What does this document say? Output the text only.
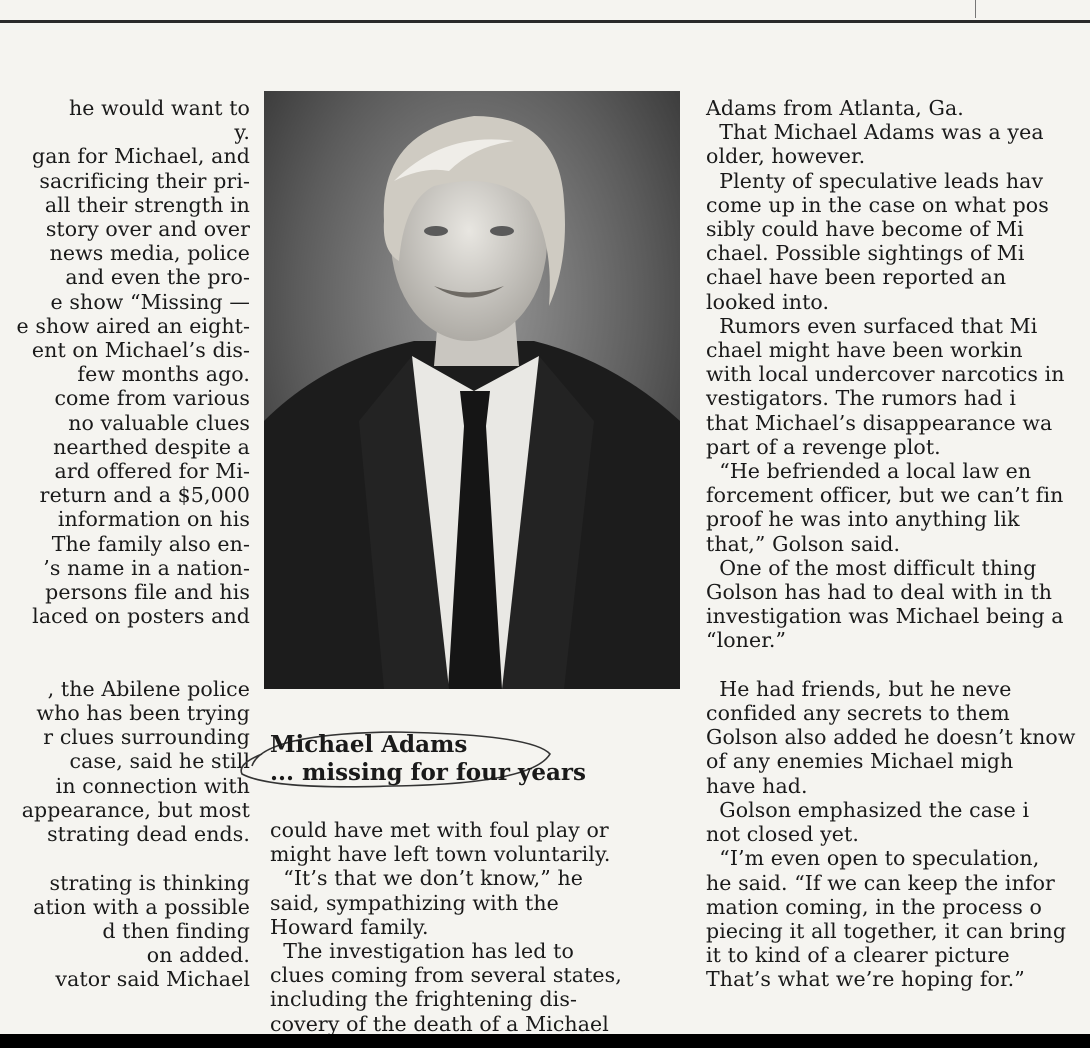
he would want to

y.

gan for Michael, and

sacrificing their pri-

all their strength in

story over and over

news media, police

and even the pro-

e show “Missing —

e show aired an eight-

ent on Michael’s dis-

few months ago.

come from various

no valuable clues

nearthed despite a

ard offered for Mi-

return and a $5,000

information on his

The family also en-

’s name in a nation-

persons file and his

laced on posters and

, the Abilene police

who has been trying

r clues surrounding

case, said he still

in connection with

appearance, but most

strating dead ends.

strating is thinking

ation with a possible

d then finding

on added.

vator said Michael

Michael Adams
... missing for four years

could have met with foul play or

might have left town voluntarily.

“It’s that we don’t know,” he

said, sympathizing with the

Howard family.

The investigation has led to

clues coming from several states,

including the frightening dis-

covery of the death of a Michael

Adams from Atlanta, Ga.

That Michael Adams was a yea

older, however.

Plenty of speculative leads hav

come up in the case on what pos

sibly could have become of Mi

chael. Possible sightings of Mi

chael have been reported an

looked into.

Rumors even surfaced that Mi

chael might have been workin

with local undercover narcotics in

vestigators. The rumors had i

that Michael’s disappearance wa

part of a revenge plot.

“He befriended a local law en

forcement officer, but we can’t fin

proof he was into anything lik

that,” Golson said.

One of the most difficult thing

Golson has had to deal with in th

investigation was Michael being a

“loner.”

He had friends, but he neve

confided any secrets to them

Golson also added he doesn’t know

of any enemies Michael migh

have had.

Golson emphasized the case i

not closed yet.

“I’m even open to speculation,

he said. “If we can keep the infor

mation coming, in the process o

piecing it all together, it can bring

it to kind of a clearer picture

That’s what we’re hoping for.”
